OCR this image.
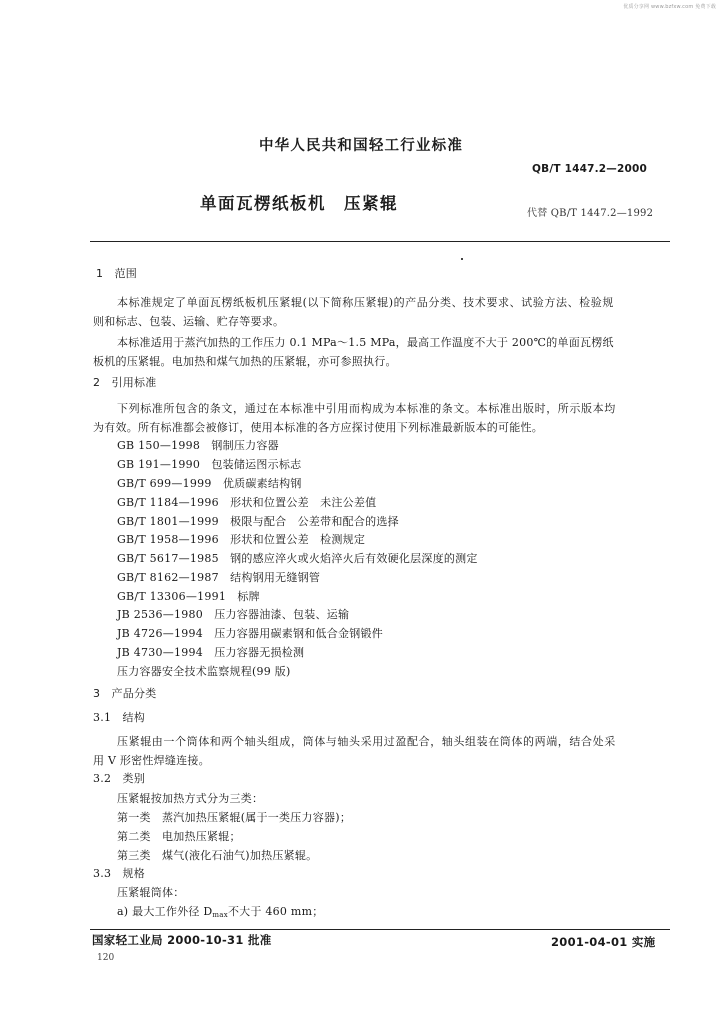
优质分享网 www.bzfxw.com 免费下载
中华人民共和国轻工行业标准
QB/T 1447.2—2000
单面瓦楞纸板机　压紧辊
代替 QB/T 1447.2—1992
1　范围
本标准规定了单面瓦楞纸板机压紧辊(以下简称压紧辊)的产品分类、技术要求、试验方法、检验规
则和标志、包装、运输、贮存等要求。
本标准适用于蒸汽加热的工作压力 0.1 MPa～1.5 MPa，最高工作温度不大于 200℃的单面瓦楞纸
板机的压紧辊。电加热和煤气加热的压紧辊，亦可参照执行。
2　引用标准
下列标准所包含的条文，通过在本标准中引用而构成为本标准的条文。本标准出版时，所示版本均
为有效。所有标准都会被修订，使用本标准的各方应探讨使用下列标准最新版本的可能性。
GB 150—1998　钢制压力容器
GB 191—1990　包装储运图示标志
GB/T 699—1999　优质碳素结构钢
GB/T 1184—1996　形状和位置公差　未注公差值
GB/T 1801—1999　极限与配合　公差带和配合的选择
GB/T 1958—1996　形状和位置公差　检测规定
GB/T 5617—1985　钢的感应淬火或火焰淬火后有效硬化层深度的测定
GB/T 8162—1987　结构钢用无缝钢管
GB/T 13306—1991　标牌
JB 2536—1980　压力容器油漆、包装、运输
JB 4726—1994　压力容器用碳素钢和低合金钢锻件
JB 4730—1994　压力容器无损检测
压力容器安全技术监察规程(99 版)
3　产品分类
3.1　结构
压紧辊由一个筒体和两个轴头组成，筒体与轴头采用过盈配合，轴头组装在筒体的两端，结合处采
用 V 形密性焊缝连接。
3.2　类别
压紧辊按加热方式分为三类：
第一类　蒸汽加热压紧辊(属于一类压力容器)；
第二类　电加热压紧辊；
第三类　煤气(液化石油气)加热压紧辊。
3.3　规格
压紧辊筒体：
a) 最大工作外径 $D_{max}$不大于 460 mm；
国家轻工业局 2000-10-31 批准	2001-04-01 实施
120
